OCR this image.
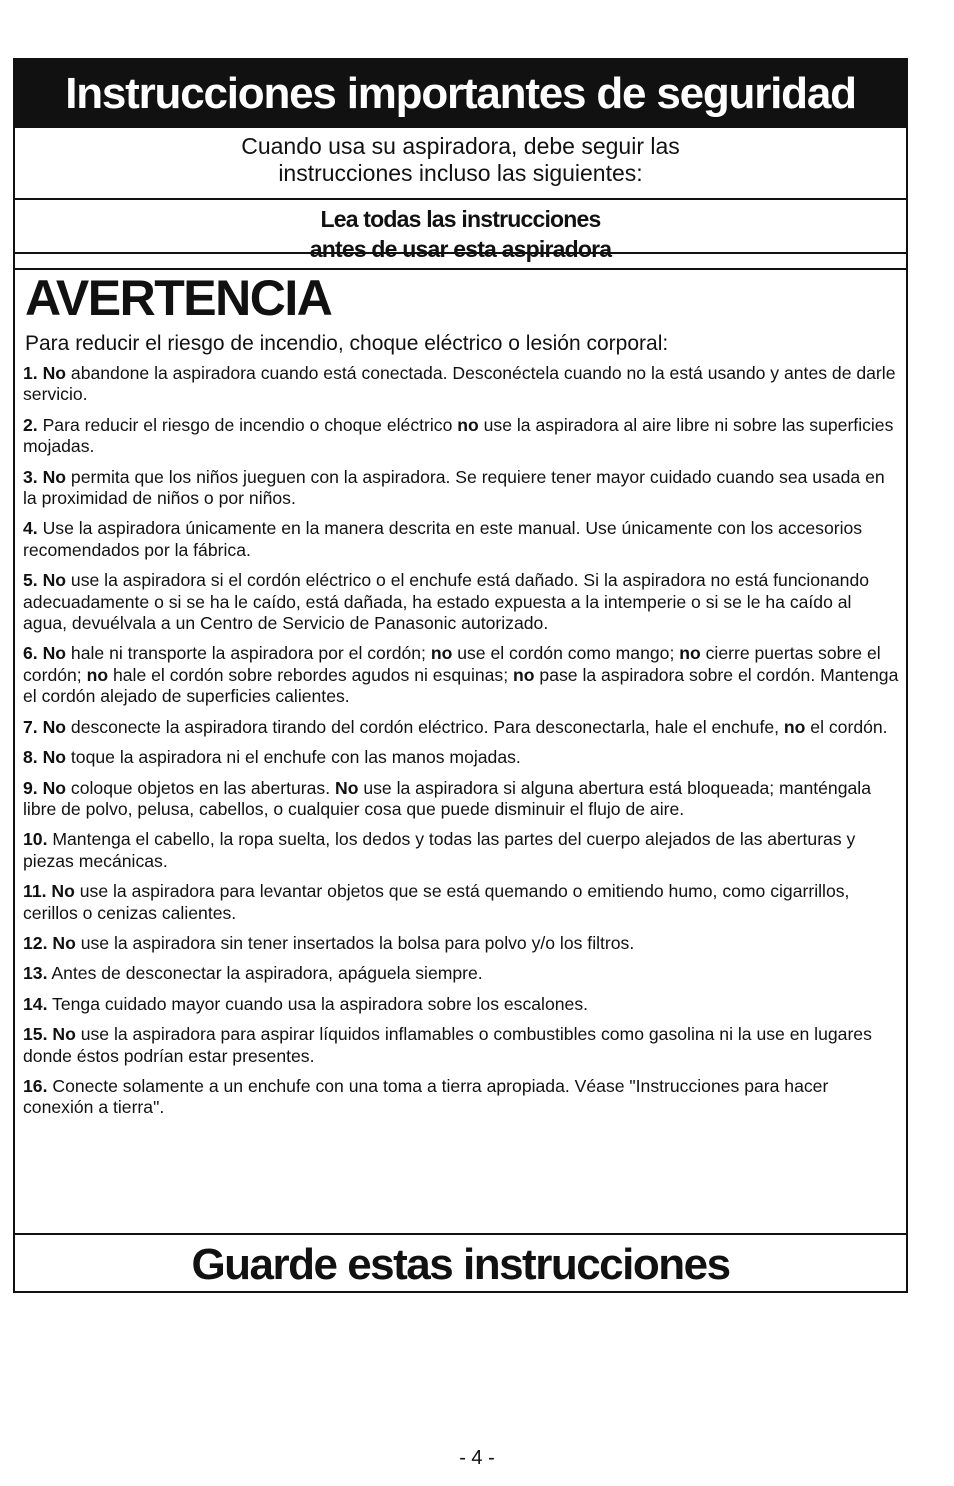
Instrucciones importantes de seguridad

Cuando usa su aspiradora, debe seguir las

instrucciones incluso las siguientes:

Lea todas las instrucciones

antes de usar esta aspiradora

AVERTENCIA
Para reducir el riesgo de incendio, choque eléctrico o lesión corporal:
1. No abandone la aspiradora cuando está conectada. Desconéctela cuando no la está usando y antes de darle servicio.
2. Para reducir el riesgo de incendio o choque eléctrico no use la aspiradora al aire libre ni sobre las superficies mojadas.
3. No permita que los niños jueguen con la aspiradora. Se requiere tener mayor cuidado cuando sea usada en la proximidad de niños o por niños.
4. Use la aspiradora únicamente en la manera descrita en este manual. Use únicamente con los accesorios recomendados por la fábrica.
5. No use la aspiradora si el cordón eléctrico o el enchufe está dañado. Si la aspiradora no está funcionando adecuadamente o si se ha le caído, está dañada, ha estado expuesta a la intemperie o si se le ha caído al agua, devuélvala a un Centro de Servicio de Panasonic autorizado.
6. No hale ni transporte la aspiradora por el cordón; no use el cordón como mango; no cierre puertas sobre el cordón; no hale el cordón sobre rebordes agudos ni esquinas; no pase la aspiradora sobre el cordón. Mantenga el cordón alejado de superficies calientes.
7. No desconecte la aspiradora tirando del cordón eléctrico. Para desconectarla, hale el enchufe, no el cordón.
8. No toque la aspiradora ni el enchufe con las manos mojadas.
9. No coloque objetos en las aberturas. No use la aspiradora si alguna abertura está bloqueada; manténgala libre de polvo, pelusa, cabellos, o cualquier cosa que puede disminuir el flujo de aire.
10. Mantenga el cabello, la ropa suelta, los dedos y todas las partes del cuerpo alejados de las aberturas y piezas mecánicas.
11. No use la aspiradora para levantar objetos que se está quemando o emitiendo humo, como cigarrillos, cerillos o cenizas calientes.
12. No use la aspiradora sin tener insertados la bolsa para polvo y/o los filtros.
13. Antes de desconectar la aspiradora, apáguela siempre.
14. Tenga cuidado mayor cuando usa la aspiradora sobre los escalones.
15. No use la aspiradora para aspirar líquidos inflamables o combustibles como gasolina ni la use en lugares donde éstos podrían estar presentes.
16. Conecte solamente a un enchufe con una toma a tierra apropiada. Véase "Instrucciones para hacer conexión a tierra".
Guarde estas instrucciones
- 4 -
